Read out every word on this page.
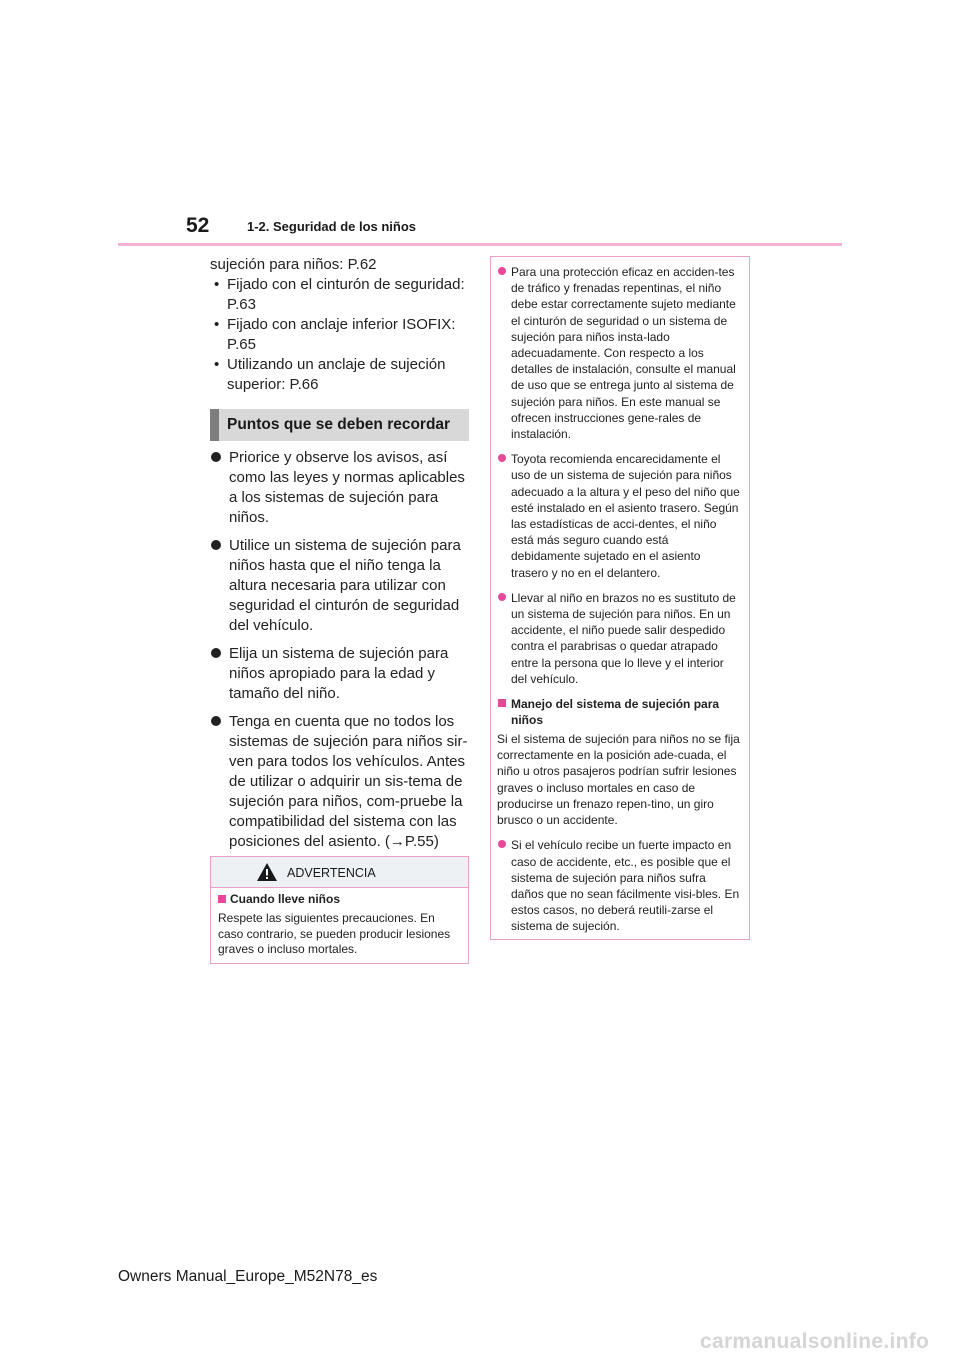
52	1-2. Seguridad de los niños

sujeción para niños: P.62

• Fijado con el cinturón de seguridad: P.63
• Fijado con anclaje inferior ISOFIX: P.65
• Utilizando un anclaje de sujeción superior: P.66
Puntos que se deben recordar
Priorice y observe los avisos, así como las leyes y normas aplicables a los sistemas de sujeción para niños.
Utilice un sistema de sujeción para niños hasta que el niño tenga la altura necesaria para utilizar con seguridad el cinturón de seguridad del vehículo.
Elija un sistema de sujeción para niños apropiado para la edad y tamaño del niño.
Tenga en cuenta que no todos los sistemas de sujeción para niños sir-ven para todos los vehículos. Antes de utilizar o adquirir un sis-tema de sujeción para niños, com-pruebe la compatibilidad del sistema con las posiciones del asiento. (→P.55)
ADVERTENCIA
Cuando lleve niños

Respete las siguientes precauciones. En caso contrario, se pueden producir lesiones graves o incluso mortales.

Para una protección eficaz en acciden-tes de tráfico y frenadas repentinas, el niño debe estar correctamente sujeto mediante el cinturón de seguridad o un sistema de sujeción para niños insta-lado adecuadamente. Con respecto a los detalles de instalación, consulte el manual de uso que se entrega junto al sistema de sujeción para niños. En este manual se ofrecen instrucciones gene-rales de instalación.
Toyota recomienda encarecidamente el uso de un sistema de sujeción para niños adecuado a la altura y el peso del niño que esté instalado en el asiento trasero. Según las estadísticas de acci-dentes, el niño está más seguro cuando está debidamente sujetado en el asiento trasero y no en el delantero.
Llevar al niño en brazos no es sustituto de un sistema de sujeción para niños. En un accidente, el niño puede salir despedido contra el parabrisas o quedar atrapado entre la persona que lo lleve y el interior del vehículo.
Manejo del sistema de sujeción para niños

Si el sistema de sujeción para niños no se fija correctamente en la posición ade-cuada, el niño u otros pasajeros podrían sufrir lesiones graves o incluso mortales en caso de producirse un frenazo repen-tino, un giro brusco o un accidente.

Si el vehículo recibe un fuerte impacto en caso de accidente, etc., es posible que el sistema de sujeción para niños sufra daños que no sean fácilmente visi-bles. En estos casos, no deberá reutili-zarse el sistema de sujeción.
Owners Manual_Europe_M52N78_es
carmanualsonline.info
